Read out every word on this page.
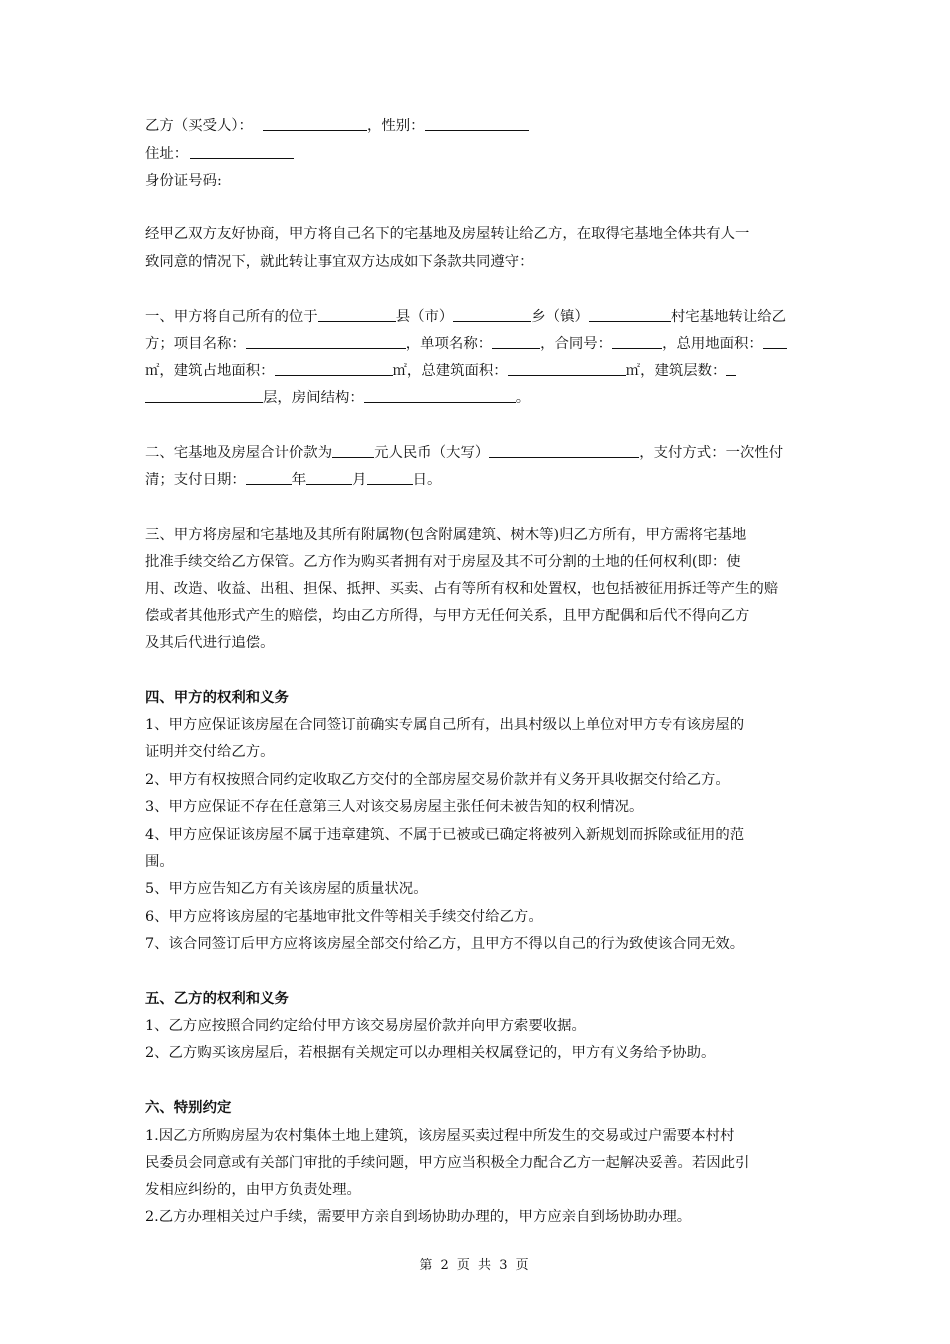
乙方（买受人）：	，性别：
住址：
身份证号码:
经甲乙双方友好协商，甲方将自己名下的宅基地及房屋转让给乙方，在取得宅基地全体共有人一
致同意的情况下，就此转让事宜双方达成如下条款共同遵守：
一、甲方将自己所有的位于	县（市）	乡（镇）	村宅基地转让给乙
方；项目名称：	，单项名称：	，合同号：	，总用地面积：
㎡，建筑占地面积：	㎡，总建筑面积：	㎡，建筑层数：
层，房间结构：	。
二、宅基地及房屋合计价款为	元人民币（大写）	，支付方式：一次性付
清；支付日期：	年	月	日。
三、甲方将房屋和宅基地及其所有附属物(包含附属建筑、树木等)归乙方所有，甲方需将宅基地
批准手续交给乙方保管。乙方作为购买者拥有对于房屋及其不可分割的土地的任何权利(即：使
用、改造、收益、出租、担保、抵押、买卖、占有等所有权和处置权，也包括被征用拆迁等产生的赔
偿或者其他形式产生的赔偿，均由乙方所得，与甲方无任何关系，且甲方配偶和后代不得向乙方
及其后代进行追偿。
四、甲方的权利和义务
1、甲方应保证该房屋在合同签订前确实专属自己所有，出具村级以上单位对甲方专有该房屋的
证明并交付给乙方。
2、甲方有权按照合同约定收取乙方交付的全部房屋交易价款并有义务开具收据交付给乙方。
3、甲方应保证不存在任意第三人对该交易房屋主张任何未被告知的权利情况。
4、甲方应保证该房屋不属于违章建筑、不属于已被或已确定将被列入新规划而拆除或征用的范
围。
5、甲方应告知乙方有关该房屋的质量状况。
6、甲方应将该房屋的宅基地审批文件等相关手续交付给乙方。
7、该合同签订后甲方应将该房屋全部交付给乙方，且甲方不得以自己的行为致使该合同无效。
五、乙方的权利和义务
1、乙方应按照合同约定给付甲方该交易房屋价款并向甲方索要收据。
2、乙方购买该房屋后，若根据有关规定可以办理相关权属登记的，甲方有义务给予协助。
六、特别约定
1.因乙方所购房屋为农村集体土地上建筑，该房屋买卖过程中所发生的交易或过户需要本村村
民委员会同意或有关部门审批的手续问题，甲方应当积极全力配合乙方一起解决妥善。若因此引
发相应纠纷的，由甲方负责处理。
2.乙方办理相关过户手续，需要甲方亲自到场协助办理的，甲方应亲自到场协助办理。
第 2 页 共 3 页
